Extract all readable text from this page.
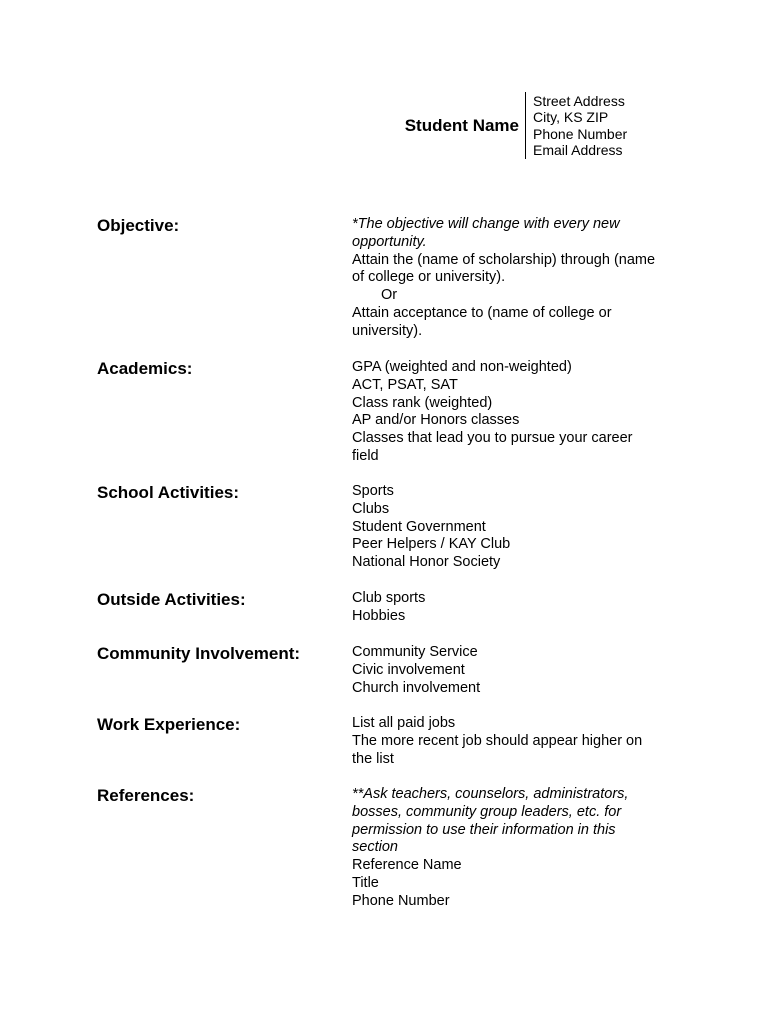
Student Name
Street Address
City, KS ZIP
Phone Number
Email Address
Objective:	*The objective will change with every new
opportunity.
Attain the (name of scholarship) through (name
of college or university).
Or
Attain acceptance to (name of college or
university).
Academics:	GPA (weighted and non-weighted)
ACT, PSAT, SAT
Class rank (weighted)
AP and/or Honors classes
Classes that lead you to pursue your career
field
School Activities:	Sports
Clubs
Student Government
Peer Helpers / KAY Club
National Honor Society
Outside Activities:	Club sports
Hobbies
Community Involvement:	Community Service
Civic involvement
Church involvement
Work Experience:	List all paid jobs
The more recent job should appear higher on
the list
References:	**Ask teachers, counselors, administrators,
bosses, community group leaders, etc. for
permission to use their information in this
section
Reference Name
Title
Phone Number
